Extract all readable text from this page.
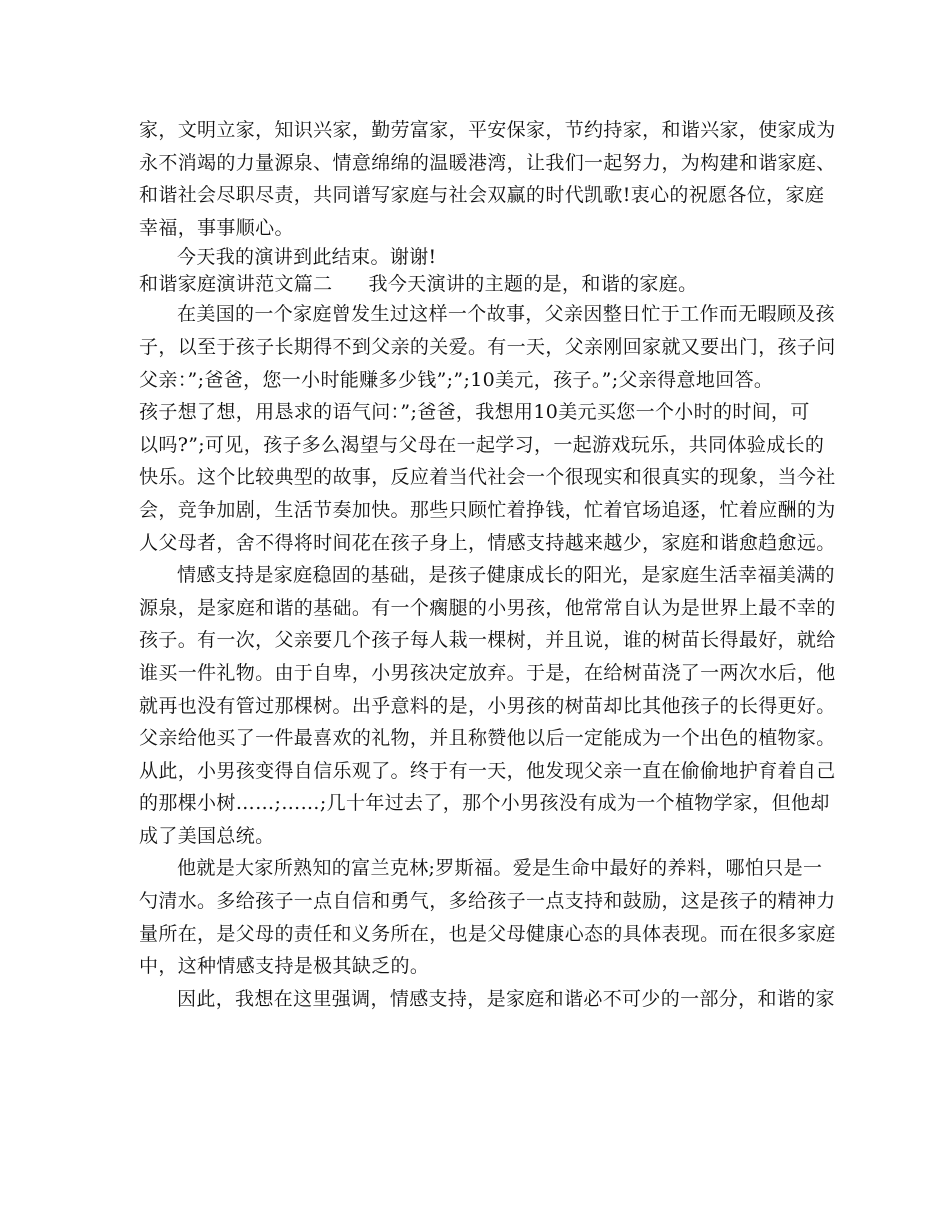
家，文明立家，知识兴家，勤劳富家，平安保家，节约持家，和谐兴家，使家成为
永不消竭的力量源泉、情意绵绵的温暖港湾，让我们一起努力，为构建和谐家庭、
和谐社会尽职尽责，共同谱写家庭与社会双赢的时代凯歌!衷心的祝愿各位，家庭
幸福，事事顺心。
今天我的演讲到此结束。谢谢!
和谐家庭演讲范文篇二 我今天演讲的主题的是，和谐的家庭。
在美国的一个家庭曾发生过这样一个故事，父亲因整日忙于工作而无暇顾及孩
子，以至于孩子长期得不到父亲的关爱。有一天，父亲刚回家就又要出门，孩子问
父亲：”;爸爸，您一小时能赚多少钱”;”;10美元，孩子。”;父亲得意地回答。
孩子想了想，用恳求的语气问：”;爸爸，我想用10美元买您一个小时的时间，可
以吗?”;可见，孩子多么渴望与父母在一起学习，一起游戏玩乐，共同体验成长的
快乐。这个比较典型的故事，反应着当代社会一个很现实和很真实的现象，当今社
会，竞争加剧，生活节奏加快。那些只顾忙着挣钱，忙着官场追逐，忙着应酬的为
人父母者，舍不得将时间花在孩子身上，情感支持越来越少，家庭和谐愈趋愈远。
情感支持是家庭稳固的基础，是孩子健康成长的阳光，是家庭生活幸福美满的
源泉，是家庭和谐的基础。有一个瘸腿的小男孩，他常常自认为是世界上最不幸的
孩子。有一次，父亲要几个孩子每人栽一棵树，并且说，谁的树苗长得最好，就给
谁买一件礼物。由于自卑，小男孩决定放弃。于是，在给树苗浇了一两次水后，他
就再也没有管过那棵树。出乎意料的是，小男孩的树苗却比其他孩子的长得更好。
父亲给他买了一件最喜欢的礼物，并且称赞他以后一定能成为一个出色的植物家。
从此，小男孩变得自信乐观了。终于有一天，他发现父亲一直在偷偷地护育着自己
的那棵小树……;……;几十年过去了，那个小男孩没有成为一个植物学家，但他却
成了美国总统。
他就是大家所熟知的富兰克林;罗斯福。爱是生命中最好的养料，哪怕只是一
勺清水。多给孩子一点自信和勇气，多给孩子一点支持和鼓励，这是孩子的精神力
量所在，是父母的责任和义务所在，也是父母健康心态的具体表现。而在很多家庭
中，这种情感支持是极其缺乏的。
因此，我想在这里强调，情感支持，是家庭和谐必不可少的一部分，和谐的家
